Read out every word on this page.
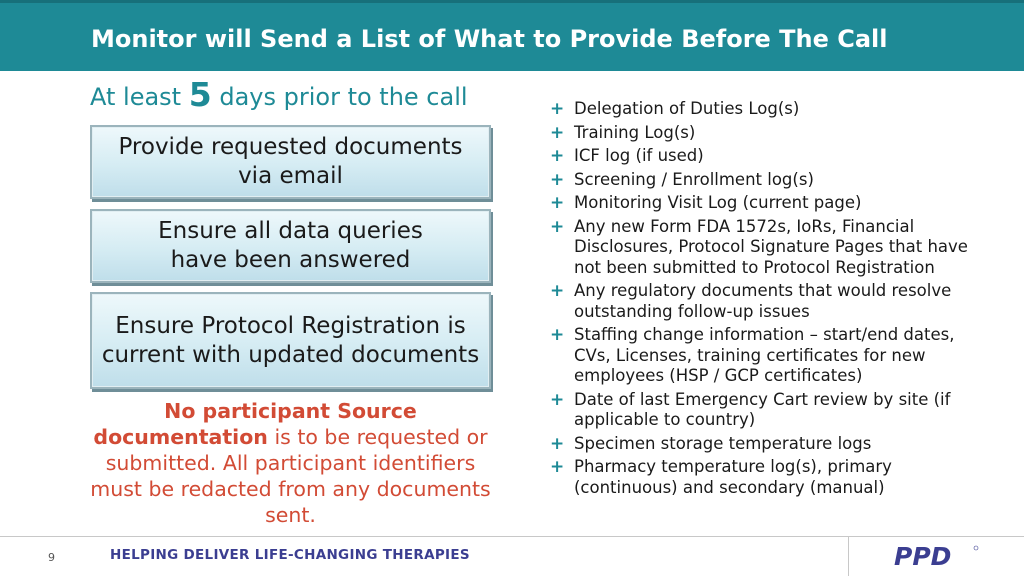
Monitor will Send a List of What to Provide Before The Call
At least 5 days prior to the call
Provide requested documents
via email
Ensure all data queries
have been answered
Ensure Protocol Registration is
current with updated documents
No participant Source documentation is to be requested or submitted. All participant identifiers must be redacted from any documents sent.
+ Delegation of Duties Log(s)
+ Training Log(s)
+ ICF log (if used)
+ Screening / Enrollment log(s)
+ Monitoring Visit Log (current page)
+ Any new Form FDA 1572s, IoRs, Financial Disclosures, Protocol Signature Pages that have not been submitted to Protocol Registration
+ Any regulatory documents that would resolve outstanding follow-up issues
+ Staffing change information – start/end dates, CVs, Licenses, training certificates for new employees (HSP / GCP certificates)
+ Date of last Emergency Cart review by site (if applicable to country)
+ Specimen storage temperature logs
+ Pharmacy temperature log(s), primary (continuous) and secondary (manual)
9	HELPING DELIVER LIFE-CHANGING THERAPIES	PPD
